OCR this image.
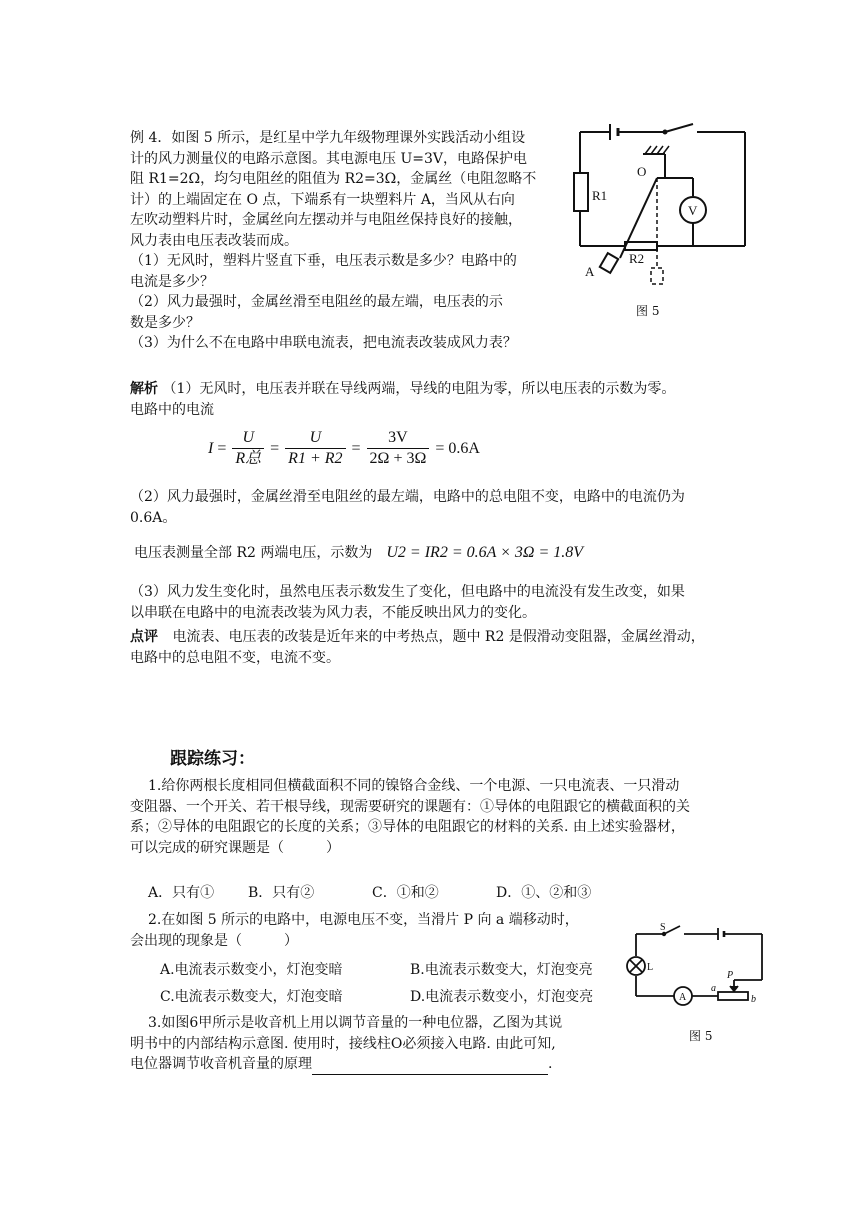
例 4．如图 5 所示，是红星中学九年级物理课外实践活动小组设

计的风力测量仪的电路示意图。其电源电压 U=3V，电路保护电

阻 R1=2Ω，均匀电阻丝的阻值为 R2=3Ω，金属丝（电阻忽略不

计）的上端固定在 O 点，下端系有一块塑料片 A，当风从右向

左吹动塑料片时，金属丝向左摆动并与电阻丝保持良好的接触，

风力表由电压表改装而成。

（1）无风时，塑料片竖直下垂，电压表示数是多少？电路中的

电流是多少？

（2）风力最强时，金属丝滑至电阻丝的最左端，电压表的示

数是多少？

（3）为什么不在电路中串联电流表，把电流表改装成风力表？

R1
O
V
A
R2
图 5
解析 （1）无风时，电压表并联在导线两端，导线的电阻为零，所以电压表的示数为零。
电路中的电流
$I = \frac{U}{\text{R总}} = \frac{U}{R1 + R2} = \frac{3V}{2\Omega + 3\Omega} = 0.6A$

（2）风力最强时，金属丝滑至电阻丝的最左端，电路中的总电阻不变，电路中的电流仍为

0.6A。

电压表测量全部 R2 两端电压，示数为 U2 = IR2 = 0.6A × 3Ω = 1.8V

（3）风力发生变化时，虽然电压表示数发生了变化，但电路中的电流没有发生改变，如果

以串联在电路中的电流表改装为风力表，不能反映出风力的变化。

点评 电流表、电压表的改装是近年来的中考热点，题中 R2 是假滑动变阻器，金属丝滑动，

电路中的总电阻不变，电流不变。

跟踪练习：

1.给你两根长度相同但横截面积不同的镍铬合金线、一个电源、一只电流表、一只滑动

变阻器、一个开关、若干根导线，现需要研究的课题有：①导体的电阻跟它的横截面积的关

系；②导体的电阻跟它的长度的关系；③导体的电阻跟它的材料的关系. 由上述实验器材，

可以完成的研究课题是（　　　）

A．只有① B．只有②	C．①和②	D．①、②和③

2.在如图 5 所示的电路中，电源电压不变，当滑片 P 向 a 端移动时，

会出现的现象是（　　　）

A.电流表示数变小，灯泡变暗	B.电流表示数变大，灯泡变亮
C.电流表示数变大，灯泡变暗	D.电流表示数变小，灯泡变亮

3.如图6甲所示是收音机上用以调节音量的一种电位器，乙图为其说

明书中的内部结构示意图. 使用时，接线柱O必须接入电路. 由此可知,

电位器调节收音机音量的原理	.

S
L
A
a
P
b
图 5
